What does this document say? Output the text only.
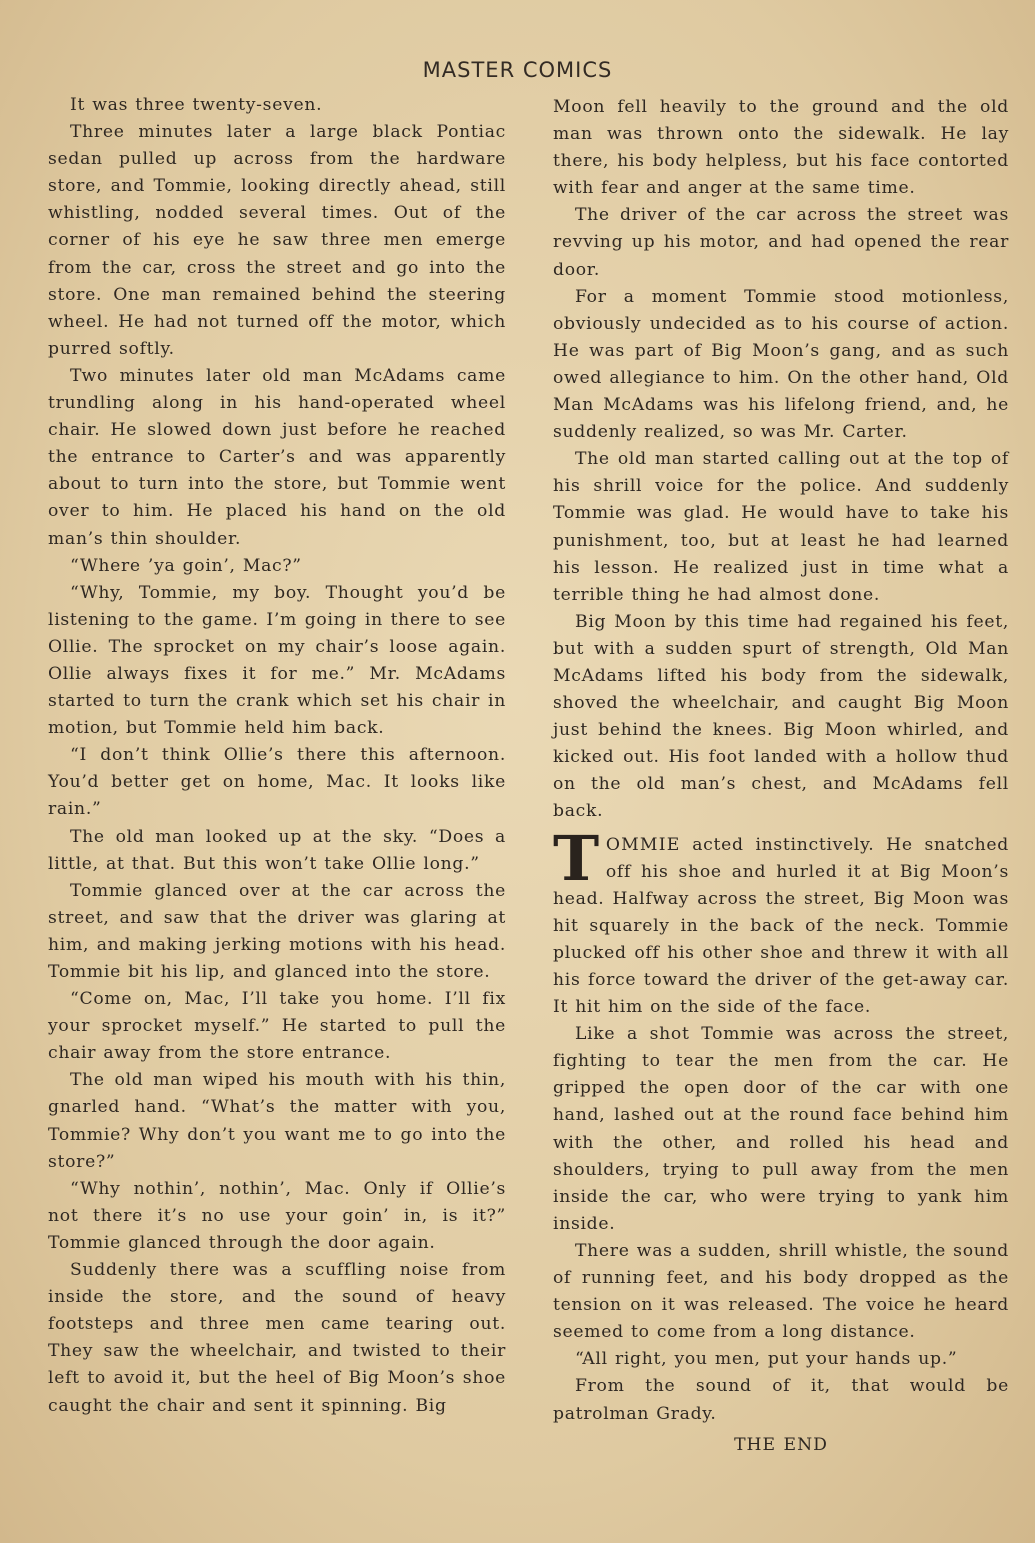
MASTER COMICS

It was three twenty-seven.

Three minutes later a large black Pontiac sedan pulled up across from the hardware store, and Tommie, looking directly ahead, still whistling, nodded several times. Out of the corner of his eye he saw three men emerge from the car, cross the street and go into the store. One man remained behind the steering wheel. He had not turned off the motor, which purred softly.

Two minutes later old man McAdams came trundling along in his hand-operated wheel chair. He slowed down just before he reached the entrance to Carter’s and was apparently about to turn into the store, but Tommie went over to him. He placed his hand on the old man’s thin shoulder.

“Where ’ya goin’, Mac?”

“Why, Tommie, my boy. Thought you’d be listening to the game. I’m going in there to see Ollie. The sprocket on my chair’s loose again. Ollie always fixes it for me.” Mr. McAdams started to turn the crank which set his chair in motion, but Tommie held him back.

“I don’t think Ollie’s there this afternoon. You’d better get on home, Mac. It looks like rain.”

The old man looked up at the sky. “Does a little, at that. But this won’t take Ollie long.”

Tommie glanced over at the car across the street, and saw that the driver was glaring at him, and making jerking motions with his head. Tommie bit his lip, and glanced into the store.

“Come on, Mac, I’ll take you home. I’ll fix your sprocket myself.” He started to pull the chair away from the store entrance.

The old man wiped his mouth with his thin, gnarled hand. “What’s the matter with you, Tommie? Why don’t you want me to go into the store?”

“Why nothin’, nothin’, Mac. Only if Ollie’s not there it’s no use your goin’ in, is it?” Tommie glanced through the door again.

Suddenly there was a scuffling noise from inside the store, and the sound of heavy footsteps and three men came tearing out. They saw the wheelchair, and twisted to their left to avoid it, but the heel of Big Moon’s shoe caught the chair and sent it spinning. Big

Moon fell heavily to the ground and the old man was thrown onto the sidewalk. He lay there, his body helpless, but his face contorted with fear and anger at the same time.

The driver of the car across the street was revving up his motor, and had opened the rear door.

For a moment Tommie stood motionless, obviously undecided as to his course of action. He was part of Big Moon’s gang, and as such owed allegiance to him. On the other hand, Old Man McAdams was his lifelong friend, and, he suddenly realized, so was Mr. Carter.

The old man started calling out at the top of his shrill voice for the police. And suddenly Tommie was glad. He would have to take his punishment, too, but at least he had learned his lesson. He realized just in time what a terrible thing he had almost done.

Big Moon by this time had regained his feet, but with a sudden spurt of strength, Old Man McAdams lifted his body from the sidewalk, shoved the wheelchair, and caught Big Moon just behind the knees. Big Moon whirled, and kicked out. His foot landed with a hollow thud on the old man’s chest, and McAdams fell back.

TOMMIE acted instinctively. He snatched off his shoe and hurled it at Big Moon’s head. Halfway across the street, Big Moon was hit squarely in the back of the neck. Tommie plucked off his other shoe and threw it with all his force toward the driver of the get-away car. It hit him on the side of the face.

Like a shot Tommie was across the street, fighting to tear the men from the car. He gripped the open door of the car with one hand, lashed out at the round face behind him with the other, and rolled his head and shoulders, trying to pull away from the men inside the car, who were trying to yank him inside.

There was a sudden, shrill whistle, the sound of running feet, and his body dropped as the tension on it was released. The voice he heard seemed to come from a long distance.

“All right, you men, put your hands up.”

From the sound of it, that would be patrolman Grady.

THE END
